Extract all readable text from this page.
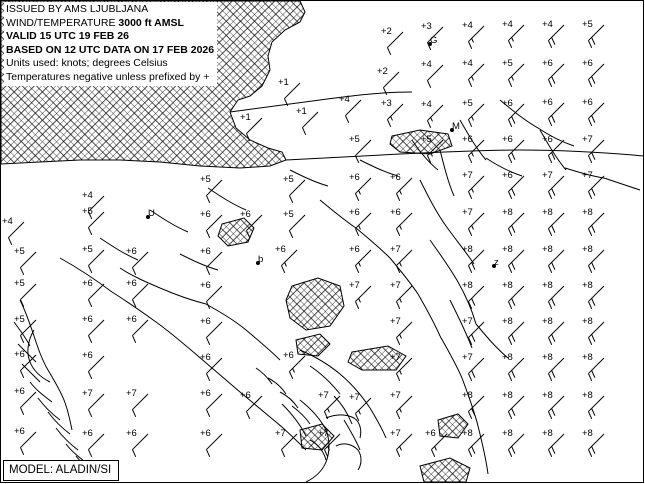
+2	+3	+4	+4	+4	+5
+2
+4	+4	+5	+6	+6
+1
+1
+1
+4	+3	+4	+5	+6	+6	+6
+5	+5	+6	+6	+6	+7
+4
+5	+5	+6	+6	+7	+6	+7	+7
+4
+5	+6	+6	+5	+6	+6	+7	+8	+8	+8
+5	+5	+6	+6	+6	+6	+7	+8	+8	+8	+8
+5	+6	+6	+6	+7	+7	+8	+8	+8	+8
+5	+6	+6	+6	+7	+7	+8	+8	+8
+6	+6	+6	+6	+7	+7	+8	+8	+8
+6	+7	+7	+6	+6	+7 +7	+7	+8	+8	+8	+8
+6	+6	+6	+6	+7	+7	+7	+6	+8	+8	+8	+8
G
M
U
b	z
ISSUED BY AMS LJUBLJANA
WIND/TEMPERATURE 3000 ft AMSL
VALID 15 UTC 19 FEB 26
BASED ON 12 UTC DATA ON 17 FEB 2026
Units used: knots; degrees Celsius
Temperatures negative unless prefixed by +
MODEL: ALADIN/SI
